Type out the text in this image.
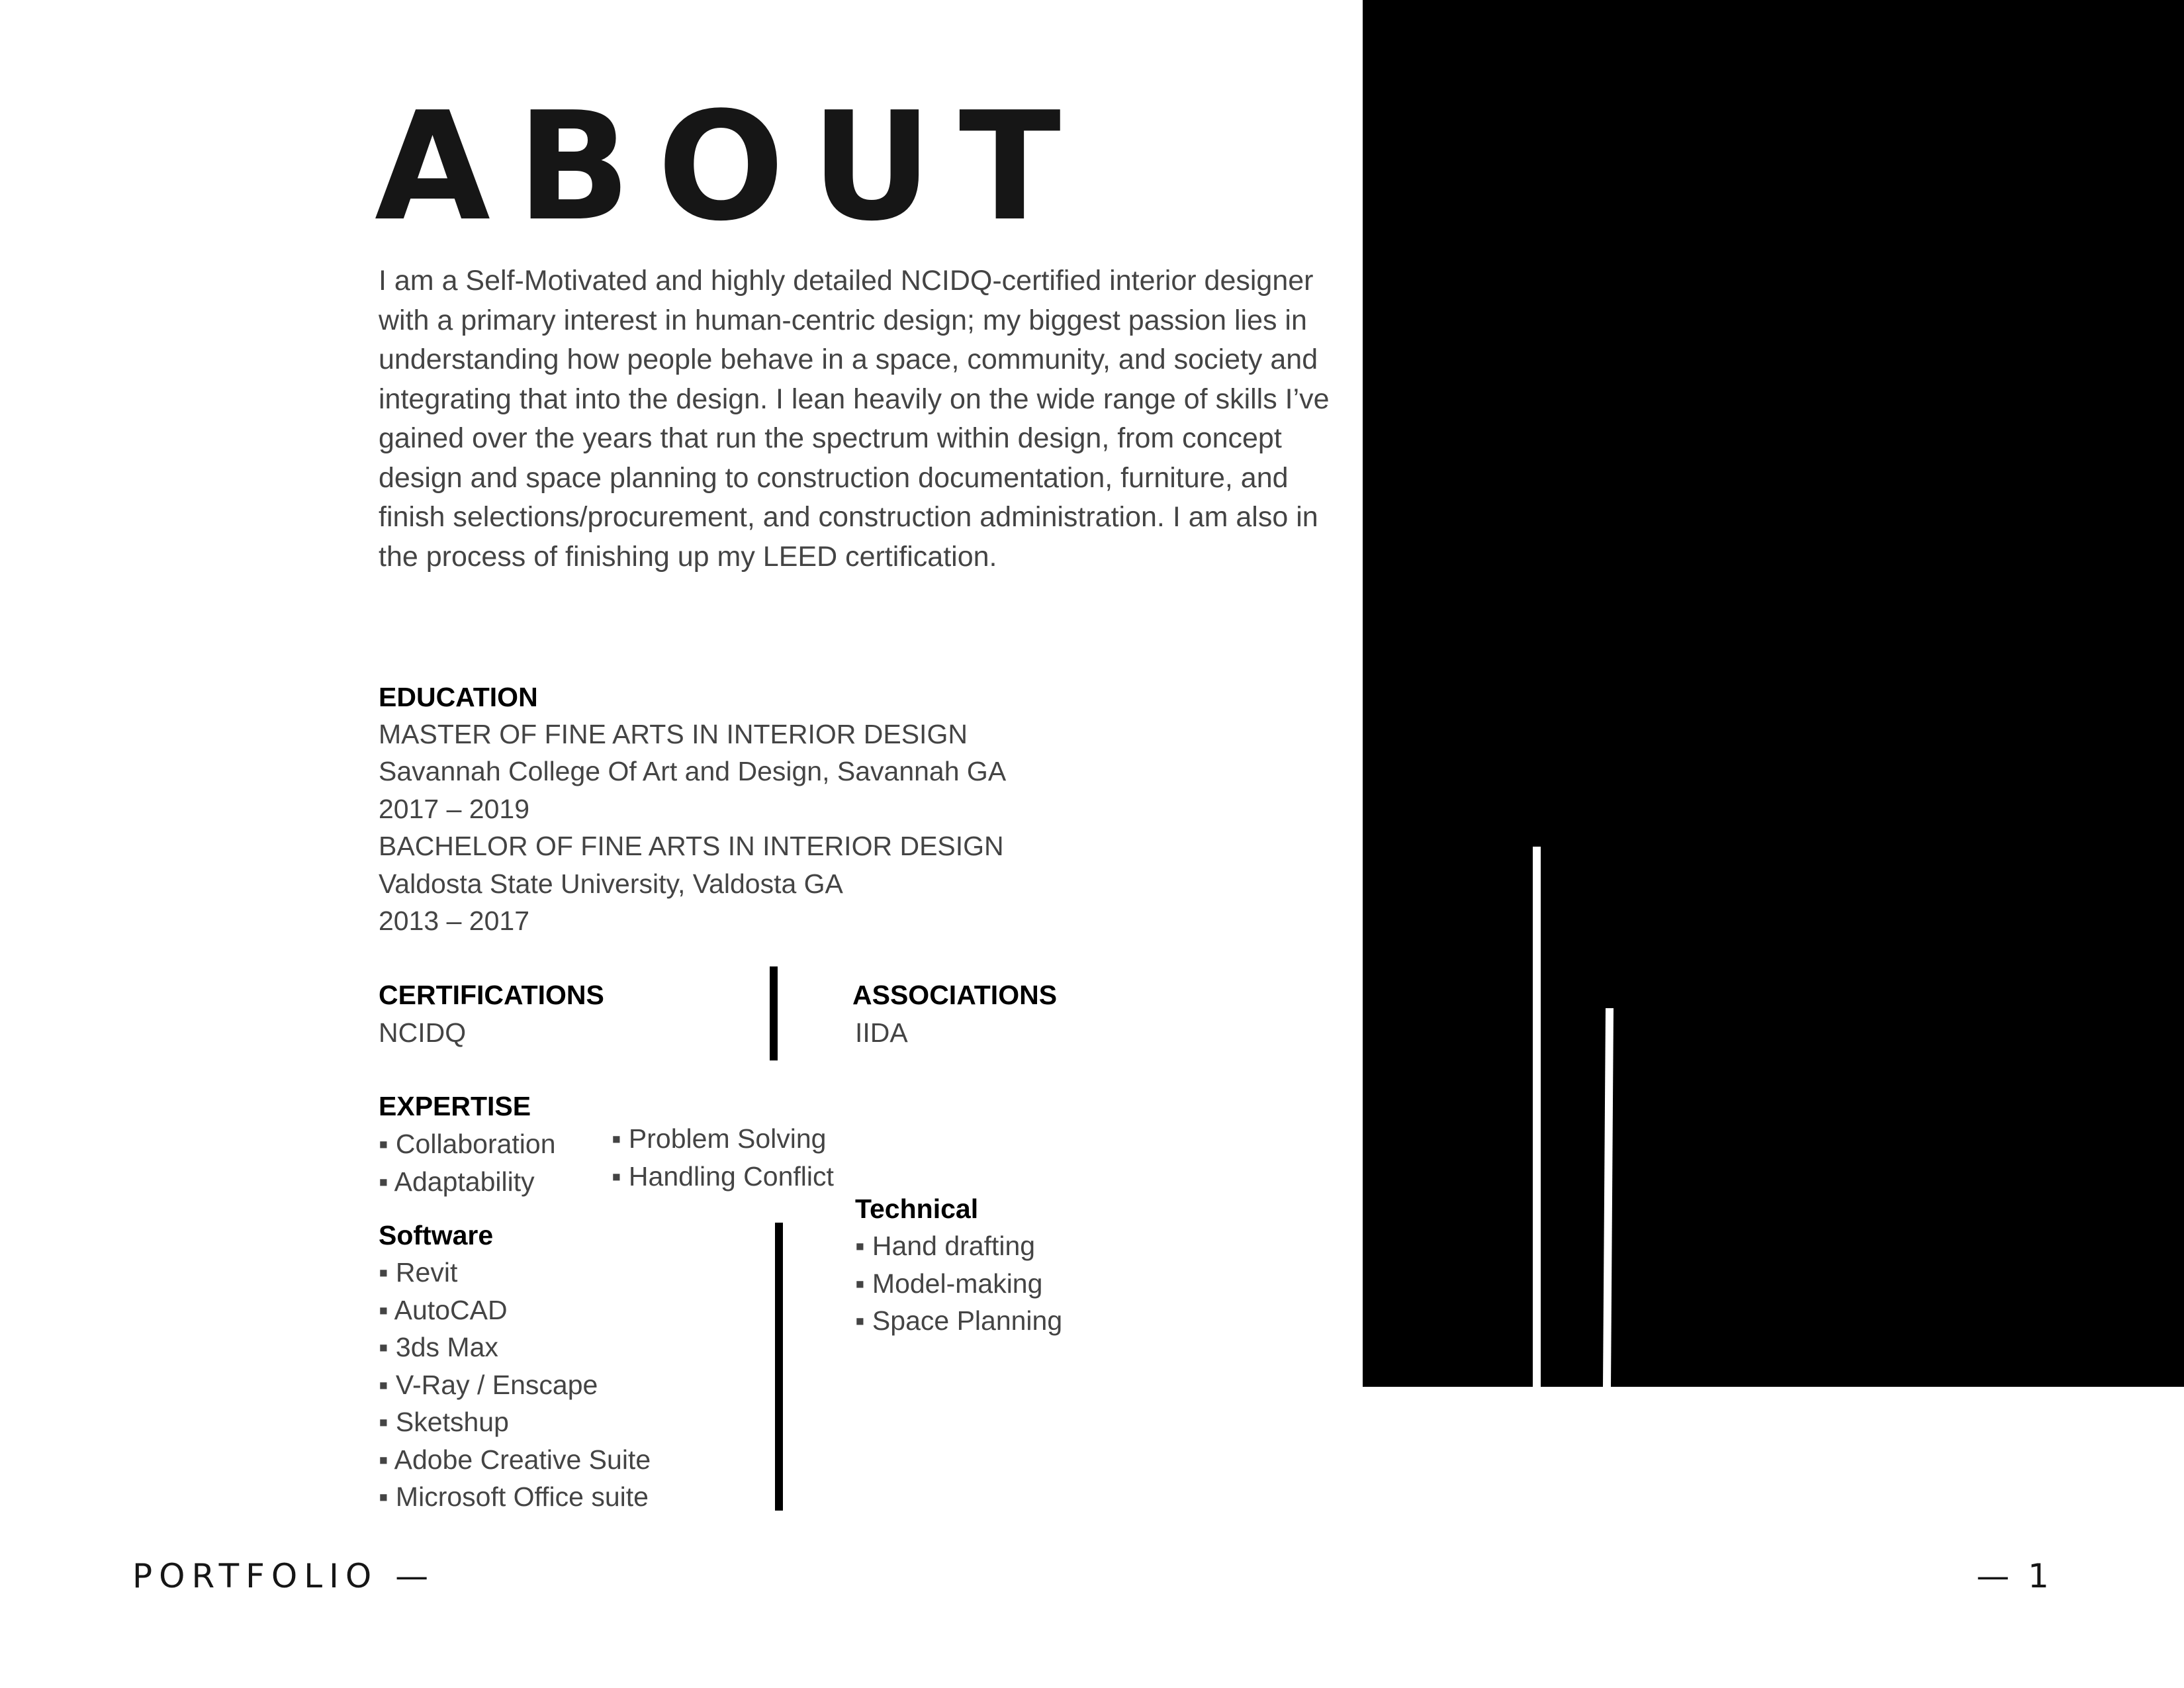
ABOUT

I am a Self-Motivated and highly detailed NCIDQ-certified interior designer with a primary interest in human-centric design; my biggest passion lies in understanding how people behave in a space, community, and society and integrating that into the design. I lean heavily on the wide range of skills I’ve gained over the years that run the spectrum within design, from concept design and space planning to construction documentation, furniture, and finish selections/procurement, and construction administration. I am also in the process of finishing up my LEED certification.

EDUCATION

MASTER OF FINE ARTS IN INTERIOR DESIGN

Savannah College Of Art and Design, Savannah GA

2017 – 2019

BACHELOR OF FINE ARTS IN INTERIOR DESIGN

Valdosta State University, Valdosta GA

2013 – 2017

CERTIFICATIONS

NCIDQ

ASSOCIATIONS

IIDA

EXPERTISE

▪ Collaboration
▪ Adaptability
▪ Problem Solving
▪ Handling Conflict

Software

▪ Revit
▪ AutoCAD
▪ 3ds Max
▪ V-Ray / Enscape
▪ Sketshup
▪ Adobe Creative Suite
▪ Microsoft Office suite

Technical

▪ Hand drafting
▪ Model-making
▪ Space Planning

PORTFOLIO —	— 1
